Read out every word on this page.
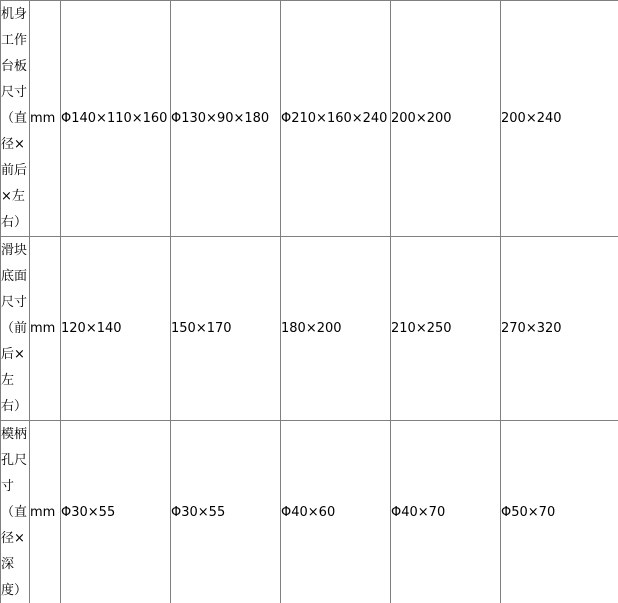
机身工作台板尺寸（直径×前后×左右）	mm	Φ140×110×160	Φ130×90×180	Φ210×160×240	200×200	200×240
滑块底面尺寸（前后×左右）	mm	120×140	150×170	180×200	210×250	270×320
模柄孔尺寸（直径×深度）	mm	Φ30×55	Φ30×55	Φ40×60	Φ40×70	Φ50×70
